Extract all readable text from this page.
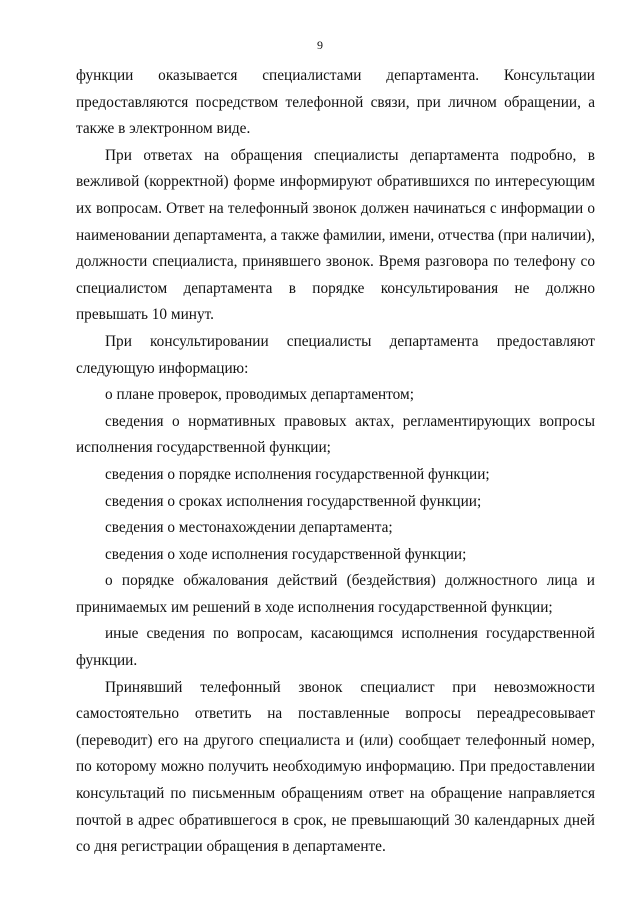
9

функции оказывается специалистами департамента. Консультации предоставляются посредством телефонной связи, при личном обращении, а также в электронном виде.

При ответах на обращения специалисты департамента подробно, в вежливой (корректной) форме информируют обратившихся по интересующим их вопросам. Ответ на телефонный звонок должен начинаться с информации о наименовании департамента, а также фамилии, имени, отчества (при наличии), должности специалиста, принявшего звонок. Время разговора по телефону со специалистом департамента в порядке консультирования не должно превышать 10 минут.

При консультировании специалисты департамента предоставляют следующую информацию:

о плане проверок, проводимых департаментом;

сведения о нормативных правовых актах, регламентирующих вопросы исполнения государственной функции;

сведения о порядке исполнения государственной функции;

сведения о сроках исполнения государственной функции;

сведения о местонахождении департамента;

сведения о ходе исполнения государственной функции;

о порядке обжалования действий (бездействия) должностного лица и принимаемых им решений в ходе исполнения государственной функции;

иные сведения по вопросам, касающимся исполнения государственной функции.

Принявший телефонный звонок специалист при невозможности самостоятельно ответить на поставленные вопросы переадресовывает (переводит) его на другого специалиста и (или) сообщает телефонный номер, по которому можно получить необходимую информацию. При предоставлении консультаций по письменным обращениям ответ на обращение направляется почтой в адрес обратившегося в срок, не превышающий 30 календарных дней со дня регистрации обращения в департаменте.
